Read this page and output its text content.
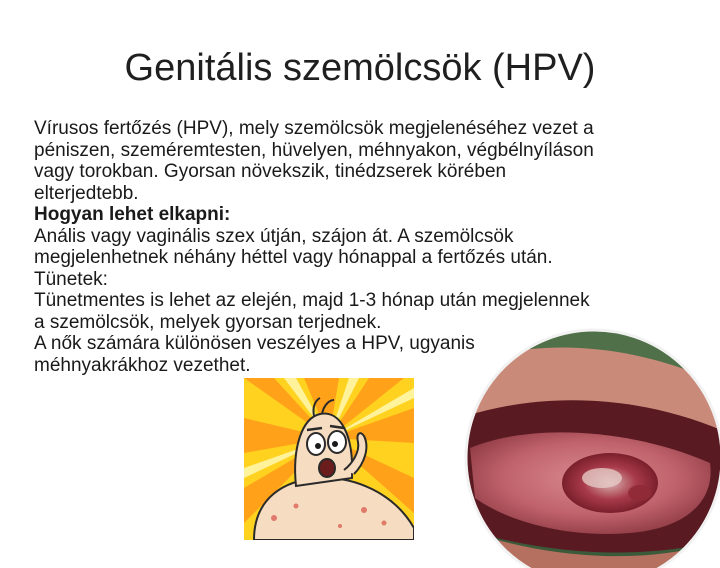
Genitális szemölcsök (HPV)

Vírusos fertőzés (HPV), mely szemölcsök megjelenéséhez vezet a péniszen, szeméremtesten, hüvelyen, méhnyakon, végbélnyíláson vagy torokban. Gyorsan növekszik, tinédzserek körében elterjedtebb.

Hogyan lehet elkapni:

Anális vagy vaginális szex útján, szájon át. A szemölcsök megjelenhetnek néhány héttel vagy hónappal a fertőzés után.

Tünetek:

Tünetmentes is lehet az elején, majd 1-3 hónap után megjelennek a szemölcsök, melyek gyorsan terjednek.

A nők számára különösen veszélyes a HPV, ugyanis méhnyakrákhoz vezethet.
